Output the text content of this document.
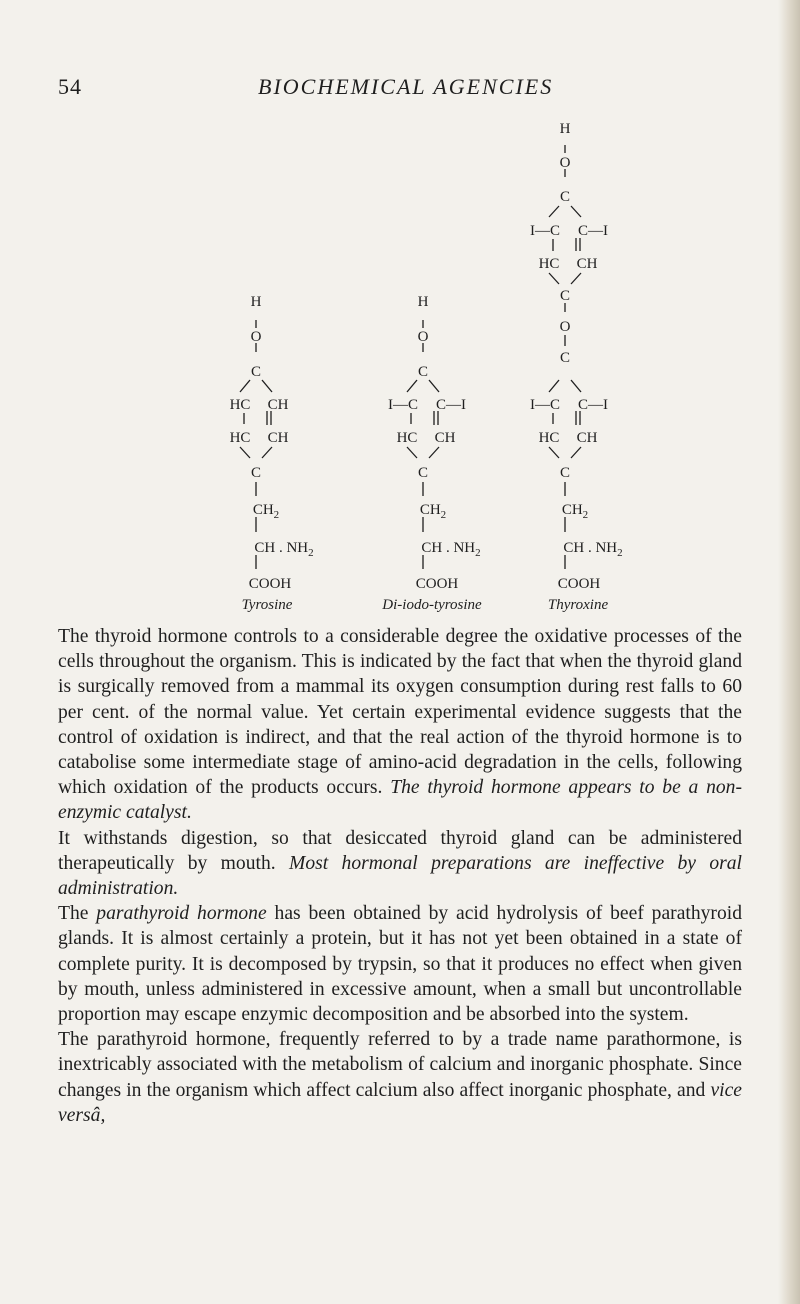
54	BIOCHEMICAL AGENCIES
H
O
C
HC CH
HC CH
C
$CH_2$
CH . $NH_2$
COOH
Tyrosine
H
O
C
I—C C—I
HC CH
C
$CH_2$
CH . $NH_2$
COOH
Di-iodo-tyrosine
H
O
C
I—C C—I
HC CH
C
O
C
I—C C—I
HC CH
C
$CH_2$
CH . $NH_2$
COOH
Thyroxine

The thyroid hormone controls to a considerable degree the oxidative processes of the cells throughout the organism. This is indicated by the fact that when the thyroid gland is surgically removed from a mammal its oxygen consumption during rest falls to 60 per cent. of the normal value. Yet certain experimental evidence suggests that the control of oxidation is indirect, and that the real action of the thyroid hormone is to catabolise some intermediate stage of amino-acid degradation in the cells, following which oxidation of the products occurs. The thyroid hormone appears to be a non-enzymic catalyst.

It withstands digestion, so that desiccated thyroid gland can be administered therapeutically by mouth. Most hormonal preparations are ineffective by oral administration.

The parathyroid hormone has been obtained by acid hydrolysis of beef parathyroid glands. It is almost certainly a protein, but it has not yet been obtained in a state of complete purity. It is decomposed by trypsin, so that it produces no effect when given by mouth, unless administered in excessive amount, when a small but uncontrollable proportion may escape enzymic decomposition and be absorbed into the system.

The parathyroid hormone, frequently referred to by a trade name parathormone, is inextricably associated with the metabolism of calcium and inorganic phosphate. Since changes in the organism which affect calcium also affect inorganic phosphate, and vice versâ,
